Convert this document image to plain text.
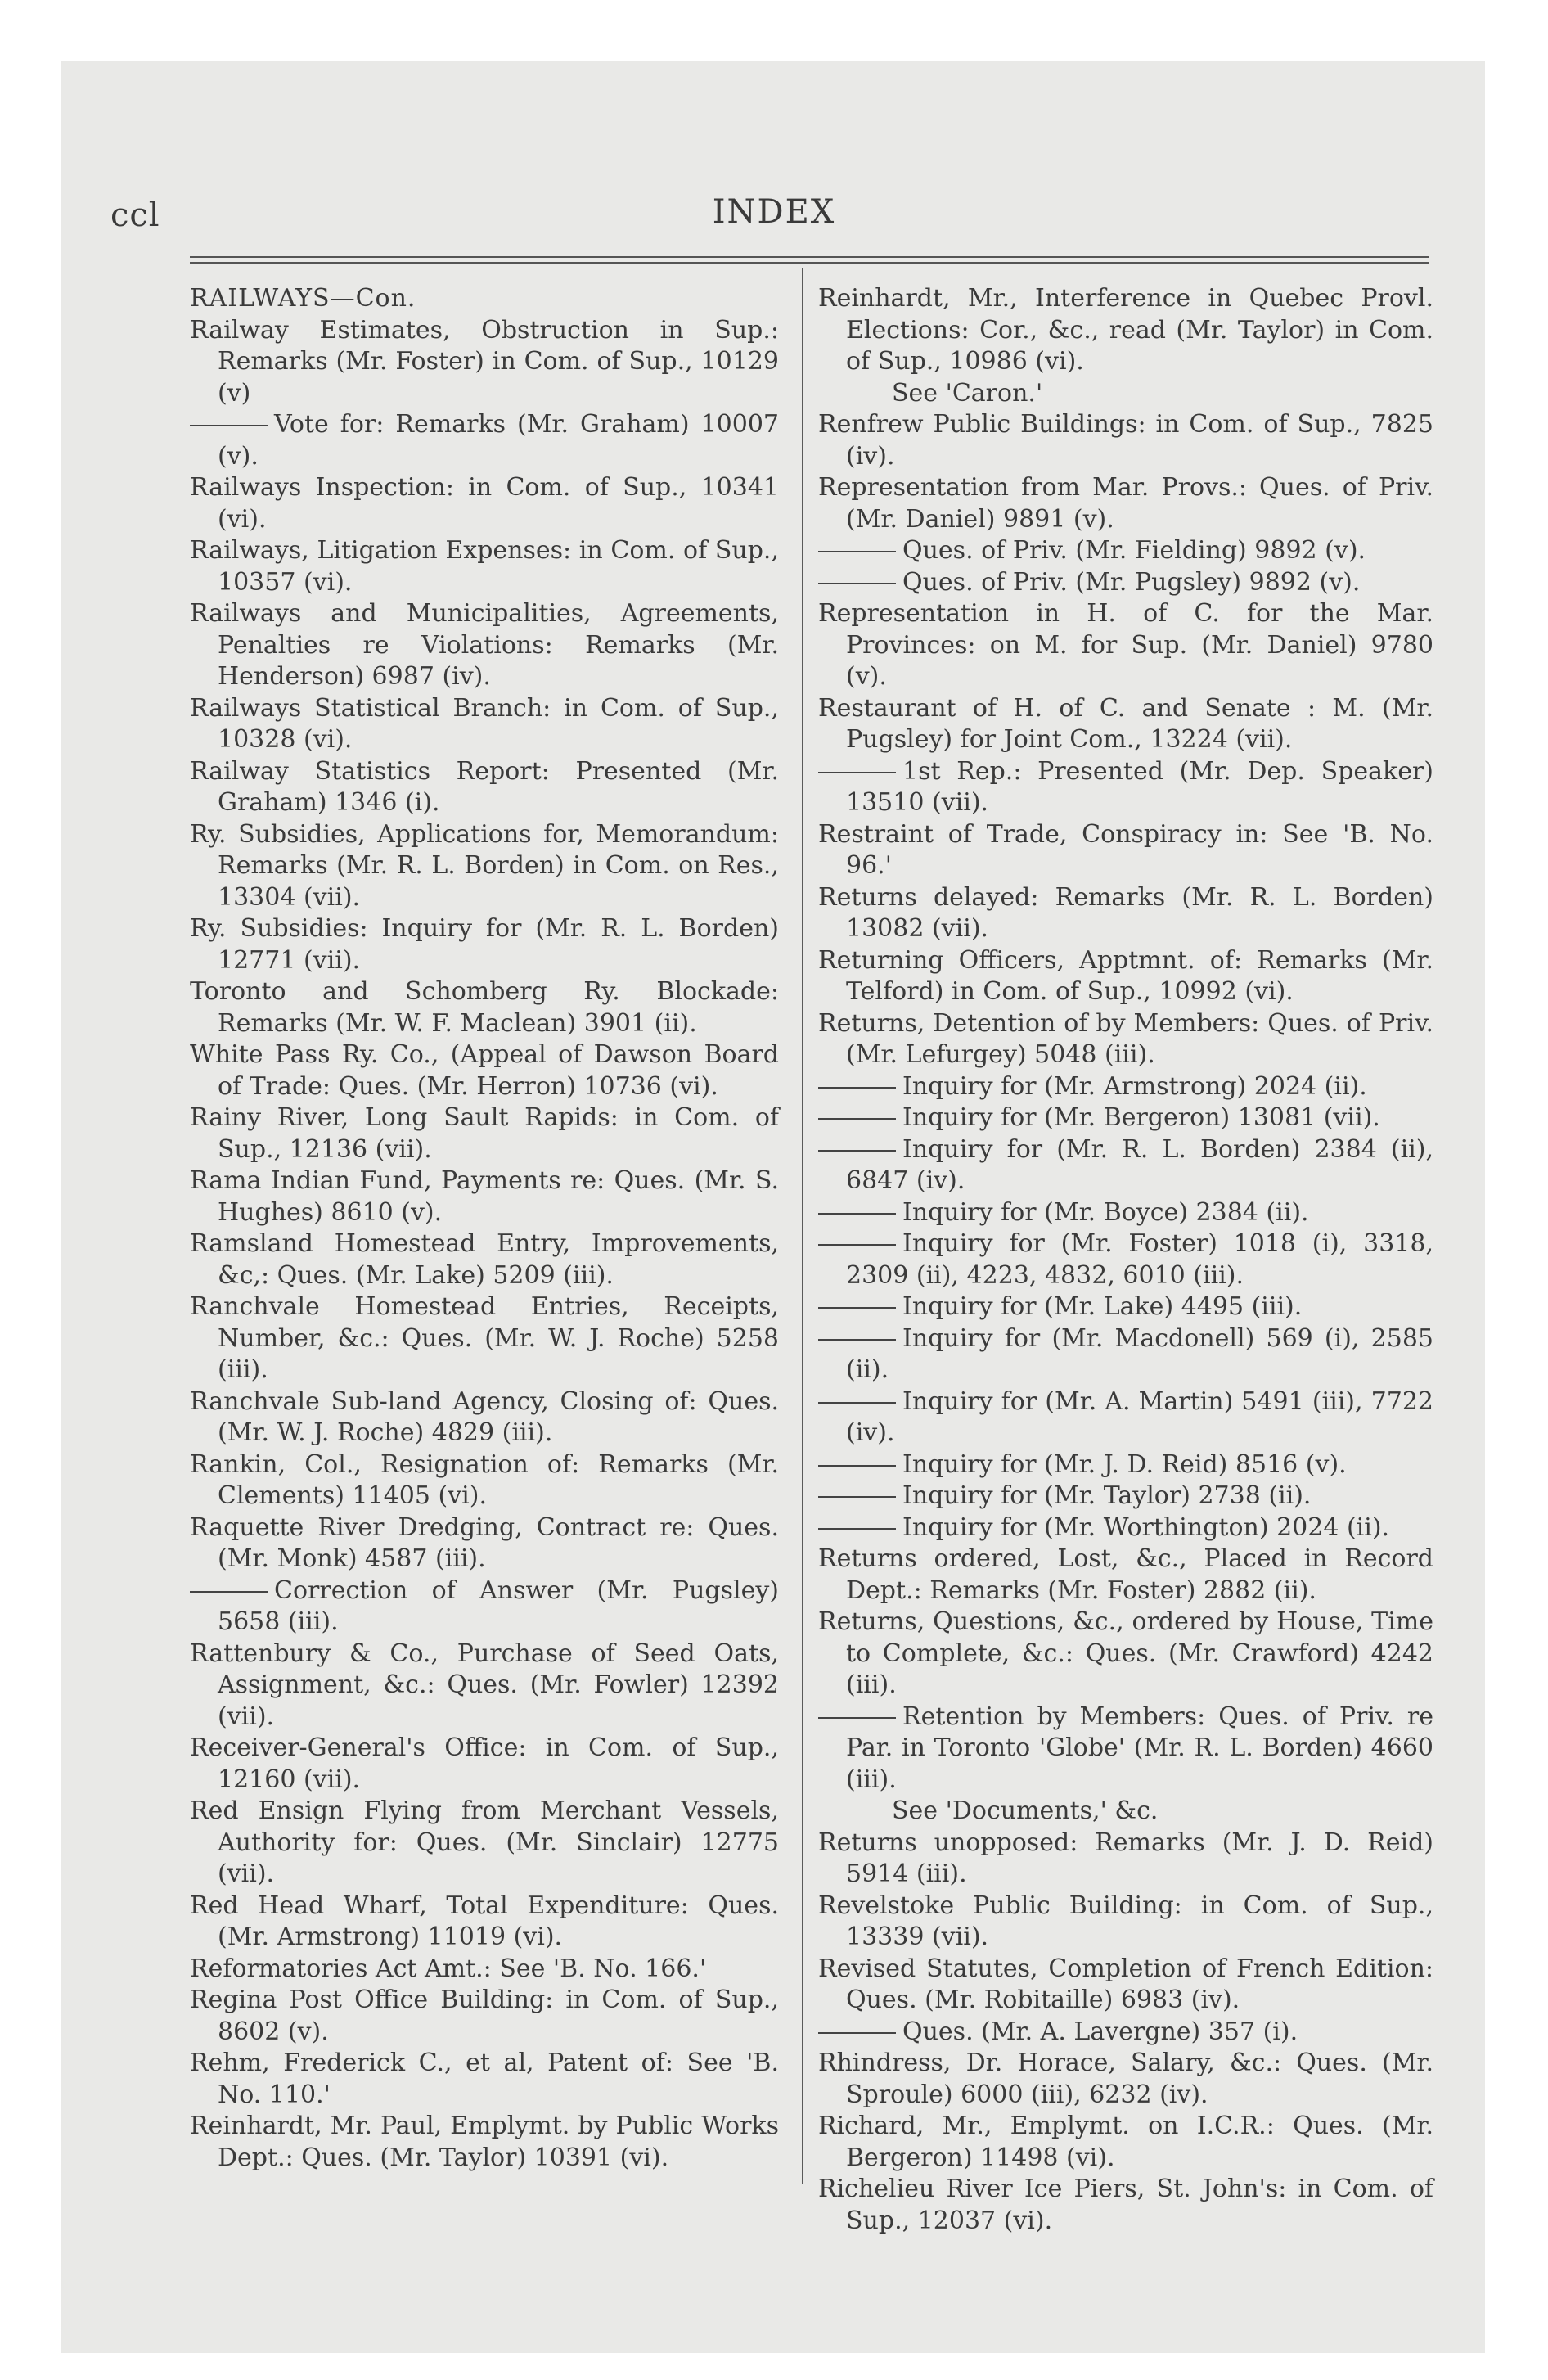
ccl	INDEX
RAILWAYS—Con.
Railway Estimates, Obstruction in Sup.: Remarks (Mr. Foster) in Com. of Sup., 10129 (v)
Vote for: Remarks (Mr. Graham) 10007 (v).
Railways Inspection: in Com. of Sup., 10341 (vi).
Railways, Litigation Expenses: in Com. of Sup., 10357 (vi).
Railways and Municipalities, Agreements, Penalties re Violations: Remarks (Mr. Henderson) 6987 (iv).
Railways Statistical Branch: in Com. of Sup., 10328 (vi).
Railway Statistics Report: Presented (Mr. Graham) 1346 (i).
Ry. Subsidies, Applications for, Memorandum: Remarks (Mr. R. L. Borden) in Com. on Res., 13304 (vii).
Ry. Subsidies: Inquiry for (Mr. R. L. Borden) 12771 (vii).
Toronto and Schomberg Ry. Blockade: Remarks (Mr. W. F. Maclean) 3901 (ii).
White Pass Ry. Co., (Appeal of Dawson Board of Trade: Ques. (Mr. Herron) 10736 (vi).
Rainy River, Long Sault Rapids: in Com. of Sup., 12136 (vii).
Rama Indian Fund, Payments re: Ques. (Mr. S. Hughes) 8610 (v).
Ramsland Homestead Entry, Improvements, &c,: Ques. (Mr. Lake) 5209 (iii).
Ranchvale Homestead Entries, Receipts, Number, &c.: Ques. (Mr. W. J. Roche) 5258 (iii).
Ranchvale Sub-land Agency, Closing of: Ques. (Mr. W. J. Roche) 4829 (iii).
Rankin, Col., Resignation of: Remarks (Mr. Clements) 11405 (vi).
Raquette River Dredging, Contract re: Ques. (Mr. Monk) 4587 (iii).
Correction of Answer (Mr. Pugsley) 5658 (iii).
Rattenbury & Co., Purchase of Seed Oats, Assignment, &c.: Ques. (Mr. Fowler) 12392 (vii).
Receiver-General's Office: in Com. of Sup., 12160 (vii).
Red Ensign Flying from Merchant Vessels, Authority for: Ques. (Mr. Sinclair) 12775 (vii).
Red Head Wharf, Total Expenditure: Ques. (Mr. Armstrong) 11019 (vi).
Reformatories Act Amt.: See 'B. No. 166.'
Regina Post Office Building: in Com. of Sup., 8602 (v).
Rehm, Frederick C., et al, Patent of: See 'B. No. 110.'
Reinhardt, Mr. Paul, Emplymt. by Public Works Dept.: Ques. (Mr. Taylor) 10391 (vi).
Reinhardt, Mr., Interference in Quebec Provl. Elections: Cor., &c., read (Mr. Taylor) in Com. of Sup., 10986 (vi).
See 'Caron.'
Renfrew Public Buildings: in Com. of Sup., 7825 (iv).
Representation from Mar. Provs.: Ques. of Priv. (Mr. Daniel) 9891 (v).
Ques. of Priv. (Mr. Fielding) 9892 (v).
Ques. of Priv. (Mr. Pugsley) 9892 (v).
Representation in H. of C. for the Mar. Provinces: on M. for Sup. (Mr. Daniel) 9780 (v).
Restaurant of H. of C. and Senate : M. (Mr. Pugsley) for Joint Com., 13224 (vii).
1st Rep.: Presented (Mr. Dep. Speaker) 13510 (vii).
Restraint of Trade, Conspiracy in: See 'B. No. 96.'
Returns delayed: Remarks (Mr. R. L. Borden) 13082 (vii).
Returning Officers, Apptmnt. of: Remarks (Mr. Telford) in Com. of Sup., 10992 (vi).
Returns, Detention of by Members: Ques. of Priv. (Mr. Lefurgey) 5048 (iii).
Inquiry for (Mr. Armstrong) 2024 (ii).
Inquiry for (Mr. Bergeron) 13081 (vii).
Inquiry for (Mr. R. L. Borden) 2384 (ii), 6847 (iv).
Inquiry for (Mr. Boyce) 2384 (ii).
Inquiry for (Mr. Foster) 1018 (i), 3318, 2309 (ii), 4223, 4832, 6010 (iii).
Inquiry for (Mr. Lake) 4495 (iii).
Inquiry for (Mr. Macdonell) 569 (i), 2585 (ii).
Inquiry for (Mr. A. Martin) 5491 (iii), 7722 (iv).
Inquiry for (Mr. J. D. Reid) 8516 (v).
Inquiry for (Mr. Taylor) 2738 (ii).
Inquiry for (Mr. Worthington) 2024 (ii).
Returns ordered, Lost, &c., Placed in Record Dept.: Remarks (Mr. Foster) 2882 (ii).
Returns, Questions, &c., ordered by House, Time to Complete, &c.: Ques. (Mr. Crawford) 4242 (iii).
Retention by Members: Ques. of Priv. re Par. in Toronto 'Globe' (Mr. R. L. Borden) 4660 (iii).
See 'Documents,' &c.
Returns unopposed: Remarks (Mr. J. D. Reid) 5914 (iii).
Revelstoke Public Building: in Com. of Sup., 13339 (vii).
Revised Statutes, Completion of French Edition: Ques. (Mr. Robitaille) 6983 (iv).
Ques. (Mr. A. Lavergne) 357 (i).
Rhindress, Dr. Horace, Salary, &c.: Ques. (Mr. Sproule) 6000 (iii), 6232 (iv).
Richard, Mr., Emplymt. on I.C.R.: Ques. (Mr. Bergeron) 11498 (vi).
Richelieu River Ice Piers, St. John's: in Com. of Sup., 12037 (vi).
